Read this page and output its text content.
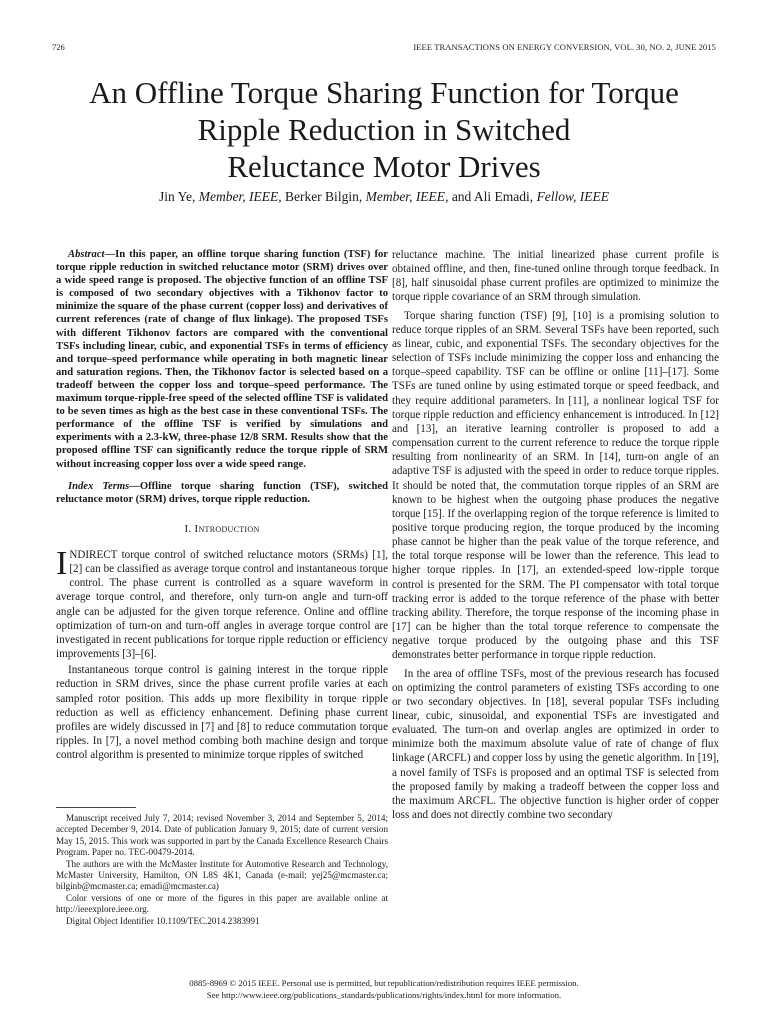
726	IEEE TRANSACTIONS ON ENERGY CONVERSION, VOL. 30, NO. 2, JUNE 2015
An Offline Torque Sharing Function for Torque
Ripple Reduction in Switched
Reluctance Motor Drives
Jin Ye, Member, IEEE, Berker Bilgin, Member, IEEE, and Ali Emadi, Fellow, IEEE

Abstract—In this paper, an offline torque sharing function (TSF) for torque ripple reduction in switched reluctance motor (SRM) drives over a wide speed range is proposed. The objective function of an offline TSF is composed of two secondary objectives with a Tikhonov factor to minimize the square of the phase current (copper loss) and derivatives of current references (rate of change of flux linkage). The proposed TSFs with different Tikhonov factors are compared with the conventional TSFs including linear, cubic, and exponential TSFs in terms of efficiency and torque–speed performance while operating in both magnetic linear and saturation regions. Then, the Tikhonov factor is selected based on a tradeoff between the copper loss and torque–speed performance. The maximum torque-ripple-free speed of the selected offline TSF is validated to be seven times as high as the best case in these conventional TSFs. The performance of the offline TSF is verified by simulations and experiments with a 2.3-kW, three-phase 12/8 SRM. Results show that the proposed offline TSF can significantly reduce the torque ripple of SRM without increasing copper loss over a wide speed range.

Index Terms—Offline torque sharing function (TSF), switched reluctance motor (SRM) drives, torque ripple reduction.

I. Introduction

INDIRECT torque control of switched reluctance motors (SRMs) [1], [2] can be classified as average torque control and instantaneous torque control. The phase current is controlled as a square waveform in average torque control, and therefore, only turn-on angle and turn-off angle can be adjusted for the given torque reference. Online and offline optimization of turn-on and turn-off angles in average torque control are investigated in recent publications for torque ripple reduction or efficiency improvements [3]–[6].

Instantaneous torque control is gaining interest in the torque ripple reduction in SRM drives, since the phase current profile varies at each sampled rotor position. This adds up more flexibility in torque ripple reduction as well as efficiency enhancement. Defining phase current profiles are widely discussed in [7] and [8] to reduce commutation torque ripples. In [7], a novel method combing both machine design and torque control algorithm is presented to minimize torque ripples of switched

Manuscript received July 7, 2014; revised November 3, 2014 and September 5, 2014; accepted December 9, 2014. Date of publication January 9, 2015; date of current version May 15, 2015. This work was supported in part by the Canada Excellence Research Chairs Program. Paper no. TEC-00479-2014.

The authors are with the McMaster Institute for Automotive Research and Technology, McMaster University, Hamilton, ON L8S 4K1, Canada (e-mail: yej25@mcmaster.ca; bilginb@mcmaster.ca; emadi@mcmaster.ca)

Color versions of one or more of the figures in this paper are available online at http://ieeexplore.ieee.org.

Digital Object Identifier 10.1109/TEC.2014.2383991

reluctance machine. The initial linearized phase current profile is obtained offline, and then, fine-tuned online through torque feedback. In [8], half sinusoidal phase current profiles are optimized to minimize the torque ripple covariance of an SRM through simulation.

Torque sharing function (TSF) [9], [10] is a promising solution to reduce torque ripples of an SRM. Several TSFs have been reported, such as linear, cubic, and exponential TSFs. The secondary objectives for the selection of TSFs include minimizing the copper loss and enhancing the torque–speed capability. TSF can be offline or online [11]–[17]. Some TSFs are tuned online by using estimated torque or speed feedback, and they require additional parameters. In [11], a nonlinear logical TSF for torque ripple reduction and efficiency enhancement is introduced. In [12] and [13], an iterative learning controller is proposed to add a compensation current to the current reference to reduce the torque ripple resulting from nonlinearity of an SRM. In [14], turn-on angle of an adaptive TSF is adjusted with the speed in order to reduce torque ripples. It should be noted that, the commutation torque ripples of an SRM are known to be highest when the outgoing phase produces the negative torque [15]. If the overlapping region of the torque reference is limited to positive torque producing region, the torque produced by the incoming phase cannot be higher than the peak value of the torque reference, and the total torque response will be lower than the reference. This lead to higher torque ripples. In [17], an extended-speed low-ripple torque control is presented for the SRM. The PI compensator with total torque tracking error is added to the torque reference of the phase with better tracking ability. Therefore, the torque response of the incoming phase in [17] can be higher than the total torque reference to compensate the negative torque produced by the outgoing phase and this TSF demonstrates better performance in torque ripple reduction.

In the area of offline TSFs, most of the previous research has focused on optimizing the control parameters of existing TSFs according to one or two secondary objectives. In [18], several popular TSFs including linear, cubic, sinusoidal, and exponential TSFs are investigated and evaluated. The turn-on and overlap angles are optimized in order to minimize both the maximum absolute value of rate of change of flux linkage (ARCFL) and copper loss by using the genetic algorithm. In [19], a novel family of TSFs is proposed and an optimal TSF is selected from the proposed family by making a tradeoff between the copper loss and the maximum ARCFL. The objective function is higher order of copper loss and does not directly combine two secondary

0885-8969 © 2015 IEEE. Personal use is permitted, but republication/redistribution requires IEEE permission.
See http://www.ieee.org/publications_standards/publications/rights/index.html for more information.
